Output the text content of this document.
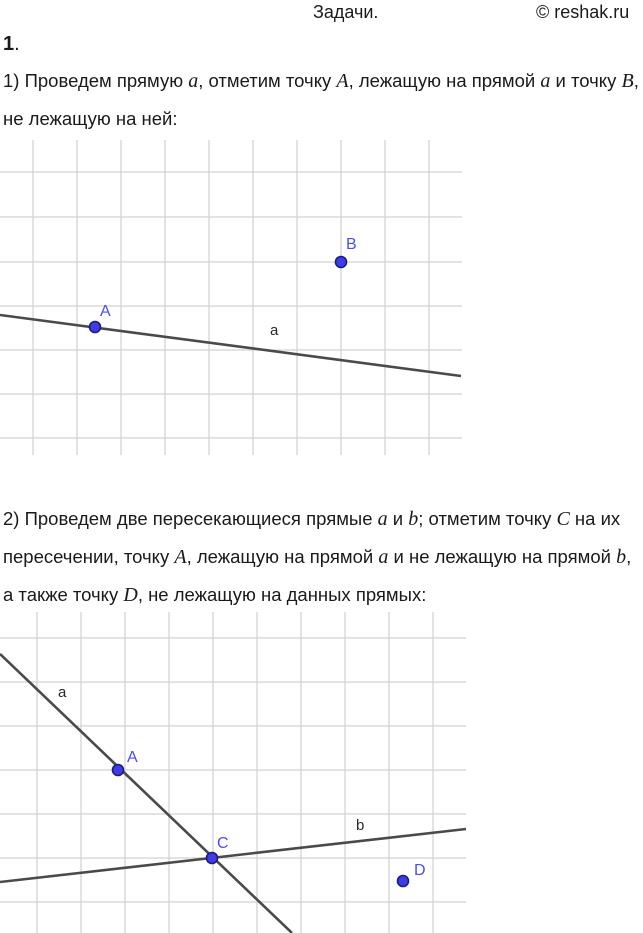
Задачи.	© reshak.ru
1.

1) Проведем прямую a, отметим точку A, лежащую на прямой a и точку B, не лежащую на ней:

A
B
a

2) Проведем две пересекающиеся прямые a и b; отметим точку C на их пересечении, точку A, лежащую на прямой a и не лежащую на прямой b, а также точку D, не лежащую на данных прямых:

A
C
D
a
b
